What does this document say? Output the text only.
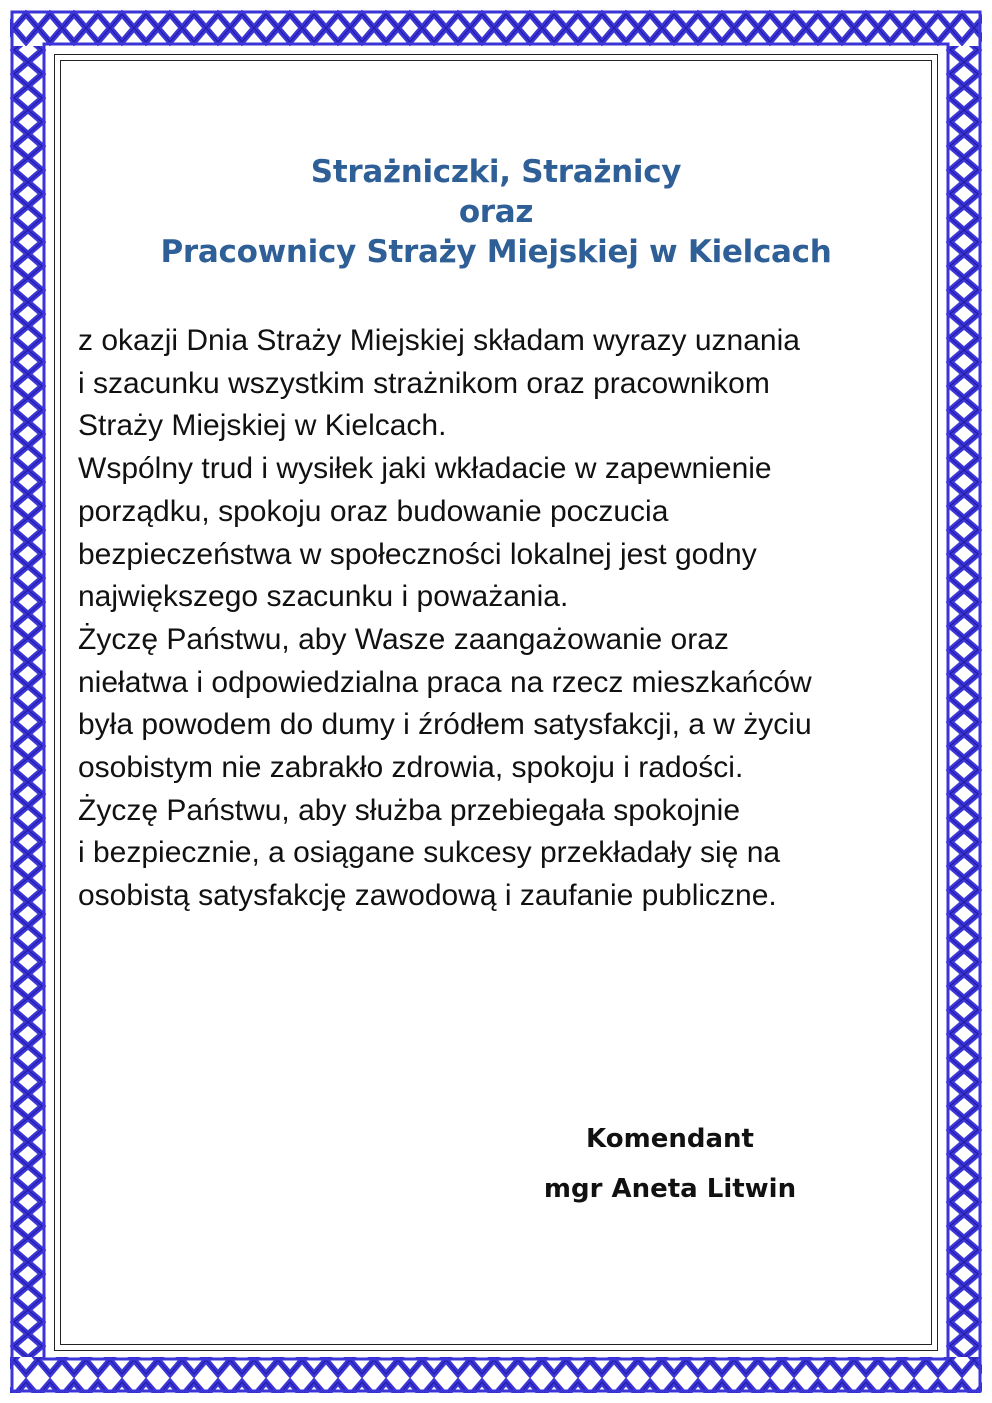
Strażniczki, Strażnicy
oraz
Pracownicy Straży Miejskiej w Kielcach
z okazji Dnia Straży Miejskiej składam wyrazy uznania
i szacunku wszystkim strażnikom oraz pracownikom
Straży Miejskiej w Kielcach.
Wspólny trud i wysiłek jaki wkładacie w zapewnienie
porządku, spokoju oraz budowanie poczucia
bezpieczeństwa w społeczności lokalnej jest godny
największego szacunku i poważania.
Życzę Państwu, aby Wasze zaangażowanie oraz
niełatwa i odpowiedzialna praca na rzecz mieszkańców
była powodem do dumy i źródłem satysfakcji, a w życiu
osobistym nie zabrakło zdrowia, spokoju i radości.
Życzę Państwu, aby służba przebiegała spokojnie
i bezpiecznie, a osiągane sukcesy przekładały się na
osobistą satysfakcję zawodową i zaufanie publiczne.
Komendant
mgr Aneta Litwin
